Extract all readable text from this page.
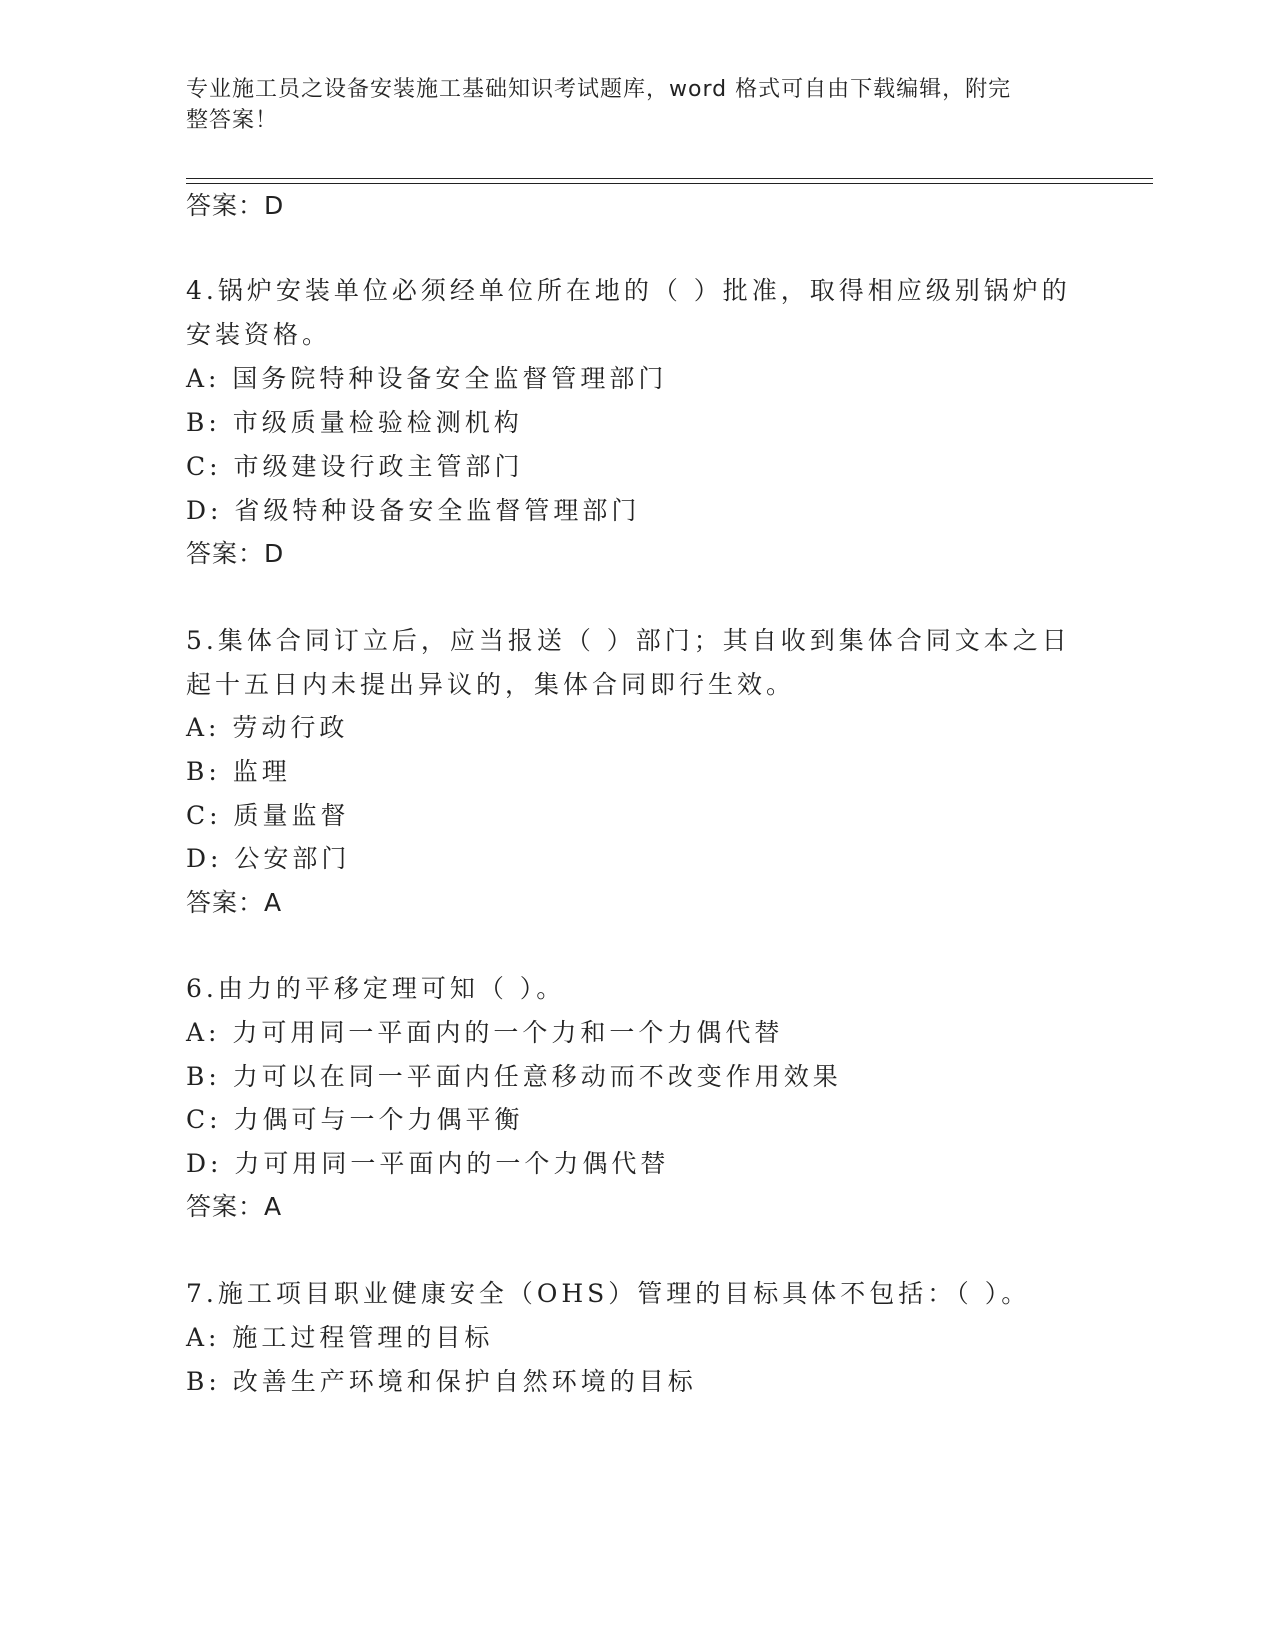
专业施工员之设备安装施工基础知识考试题库，word 格式可自由下载编辑，附完
整答案！
答案：D
4.锅炉安装单位必须经单位所在地的（ ）批准，取得相应级别锅炉的
安装资格。
A: 国务院特种设备安全监督管理部门
B: 市级质量检验检测机构
C: 市级建设行政主管部门
D: 省级特种设备安全监督管理部门
答案：D
5.集体合同订立后，应当报送（ ）部门；其自收到集体合同文本之日
起十五日内未提出异议的，集体合同即行生效。
A: 劳动行政
B: 监理
C: 质量监督
D: 公安部门
答案：A
6.由力的平移定理可知（ ）。
A: 力可用同一平面内的一个力和一个力偶代替
B: 力可以在同一平面内任意移动而不改变作用效果
C: 力偶可与一个力偶平衡
D: 力可用同一平面内的一个力偶代替
答案：A
7.施工项目职业健康安全（OHS）管理的目标具体不包括：（ ）。
A: 施工过程管理的目标
B: 改善生产环境和保护自然环境的目标
